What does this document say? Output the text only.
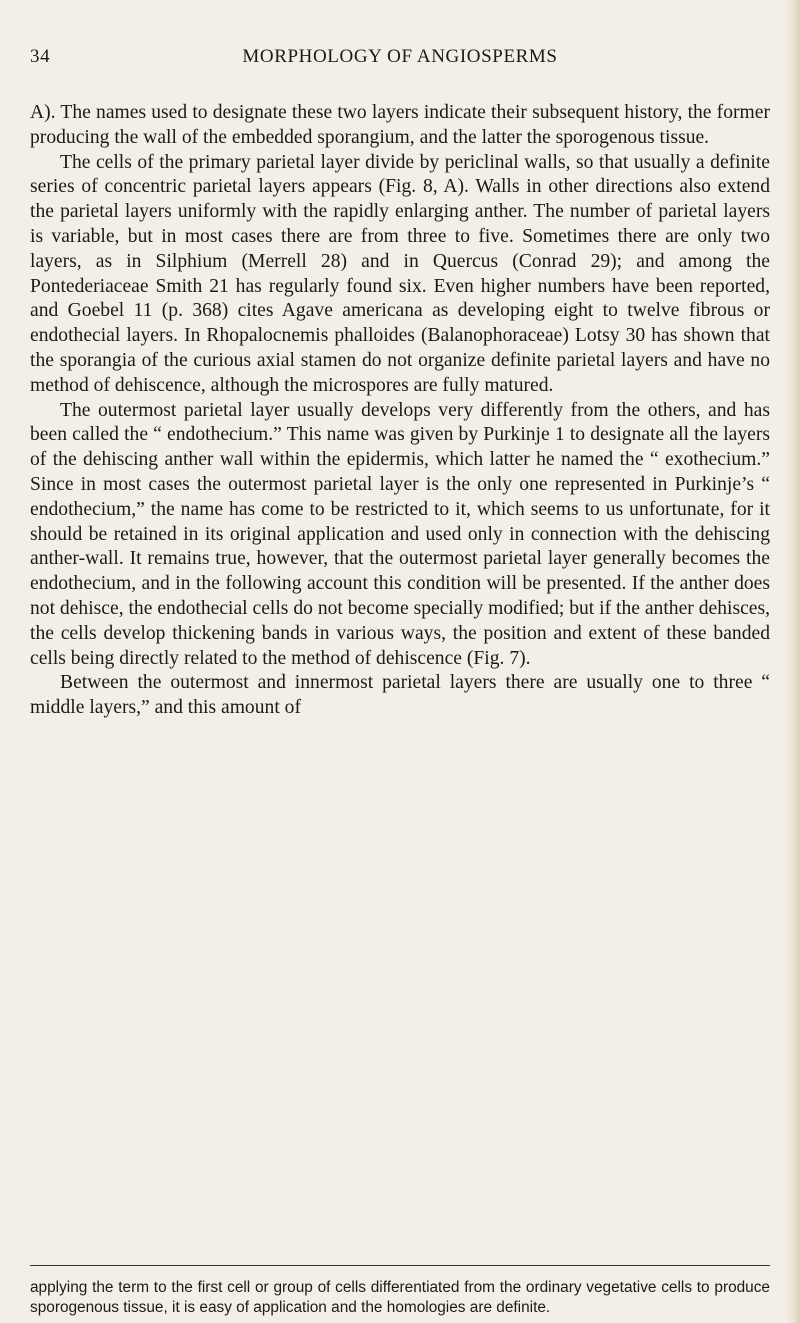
34	MORPHOLOGY OF ANGIOSPERMS

A). The names used to designate these two layers indicate their subsequent history, the former producing the wall of the embedded sporangium, and the latter the sporogenous tissue.

The cells of the primary parietal layer divide by periclinal walls, so that usually a definite series of concentric parietal layers appears (Fig. 8, A). Walls in other directions also extend the parietal layers uniformly with the rapidly enlarging anther. The number of parietal layers is variable, but in most cases there are from three to five. Sometimes there are only two layers, as in Silphium (Merrell 28) and in Quercus (Conrad 29); and among the Pontederiaceae Smith 21 has regularly found six. Even higher numbers have been reported, and Goebel 11 (p. 368) cites Agave americana as developing eight to twelve fibrous or endothecial layers. In Rhopalocnemis phalloides (Balanophoraceae) Lotsy 30 has shown that the sporangia of the curious axial stamen do not organize definite parietal layers and have no method of dehiscence, although the microspores are fully matured.

The outermost parietal layer usually develops very differently from the others, and has been called the “ endothecium.” This name was given by Purkinje 1 to designate all the layers of the dehiscing anther wall within the epidermis, which latter he named the “ exothecium.” Since in most cases the outermost parietal layer is the only one represented in Purkinje’s “ endothecium,” the name has come to be restricted to it, which seems to us unfortunate, for it should be retained in its original application and used only in connection with the dehiscing anther-wall. It remains true, however, that the outermost parietal layer generally becomes the endothecium, and in the following account this condition will be presented. If the anther does not dehisce, the endothecial cells do not become specially modified; but if the anther dehisces, the cells develop thickening bands in various ways, the position and extent of these banded cells being directly related to the method of dehiscence (Fig. 7).

Between the outermost and innermost parietal layers there are usually one to three “ middle layers,” and this amount of

applying the term to the first cell or group of cells differentiated from the ordinary vegetative cells to produce sporogenous tissue, it is easy of application and the homologies are definite.
